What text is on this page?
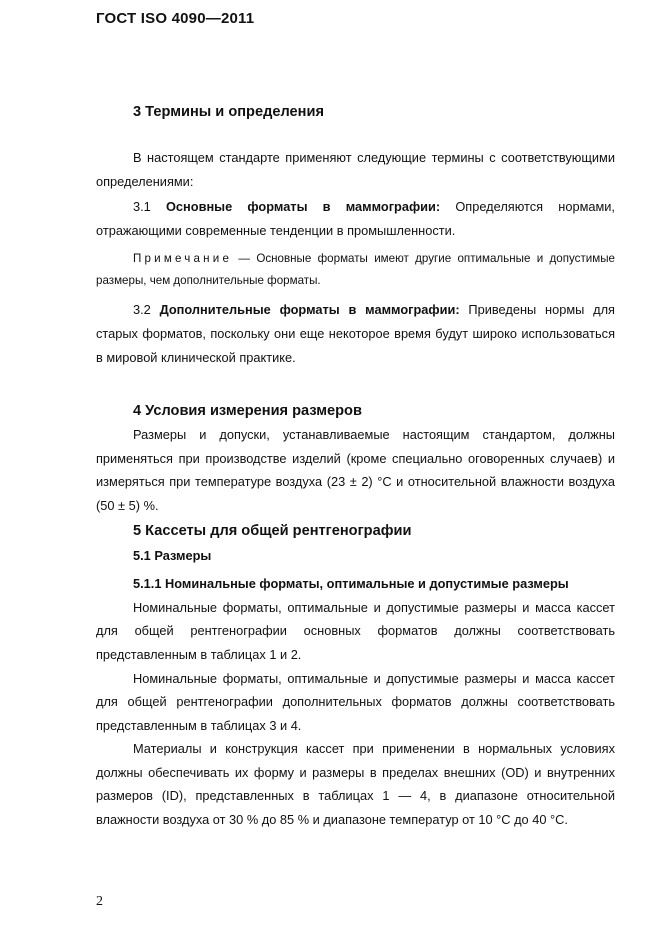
ГОСТ ISO 4090—2011
3 Термины и определения

В настоящем стандарте применяют следующие термины с соответствующими определениями:

3.1 Основные форматы в маммографии: Определяются нормами, отражающими современные тенденции в промышленности.

Примечание — Основные форматы имеют другие оптимальные и допустимые размеры, чем дополнительные форматы.

3.2 Дополнительные форматы в маммографии: Приведены нормы для старых форматов, поскольку они еще некоторое время будут широко использоваться в мировой клинической практике.

4 Условия измерения размеров

Размеры и допуски, устанавливаемые настоящим стандартом, должны применяться при производстве изделий (кроме специально оговоренных случаев) и измеряться при температуре воздуха (23 ± 2) °С и относительной влажности воздуха (50 ± 5) %.

5 Кассеты для общей рентгенографии
5.1 Размеры
5.1.1 Номинальные форматы, оптимальные и допустимые размеры

Номинальные форматы, оптимальные и допустимые размеры и масса кассет для общей рентгенографии основных форматов должны соответствовать представленным в таблицах 1 и 2.

Номинальные форматы, оптимальные и допустимые размеры и масса кассет для общей рентгенографии дополнительных форматов должны соответствовать представленным в таблицах 3 и 4.

Материалы и конструкция кассет при применении в нормальных условиях должны обеспечивать их форму и размеры в пределах внешних (OD) и внутренних размеров (ID), представленных в таблицах 1 — 4, в диапазоне относительной влажности воздуха от 30 % до 85 % и диапазоне температур от 10 °С до 40 °С.

2
